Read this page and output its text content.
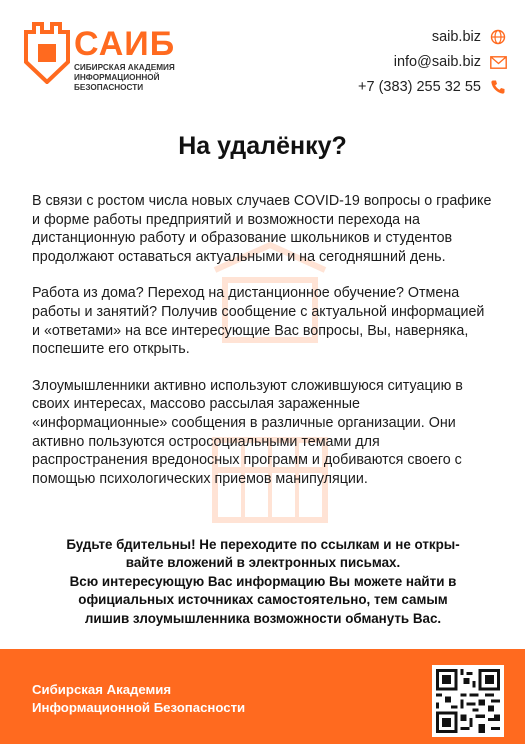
САИБ
СИБИРСКАЯ АКАДЕМИЯ
ИНФОРМАЦИОННОЙ
БЕЗОПАСНОСТИ
saib.biz
info@saib.biz
+7 (383) 255 32 55
На удалёнку?

В связи с ростом числа новых случаев COVID-19 вопросы о графике и форме работы предприятий и возможности перехода на дистанционную работу и образование школьников и студентов продолжают оставаться актуальными и на сегодняшний день.

Работа из дома? Переход на дистанционное обучение? Отмена работы и занятий? Получив сообщение с актуальной информацией и «ответами» на все интересующие Вас вопросы, Вы, наверняка, поспешите его открыть.

Злоумышленники активно используют сложившуюся ситуацию в своих интересах, массово рассылая зараженные «информационные» сообщения в различные организации. Они активно пользуются остросоциальными темами для распространения вредоносных программ и добиваются своего с помощью психологических приемов манипуляции.

Будьте бдительны! Не переходите по ссылкам и не откры-
вайте вложений в электронных письмах.
Всю интересующую Вас информацию Вы можете найти в
официальных источниках самостоятельно, тем самым
лишив злоумышленника возможности обмануть Вас.
Сибирская Академия
Информационной Безопасности
